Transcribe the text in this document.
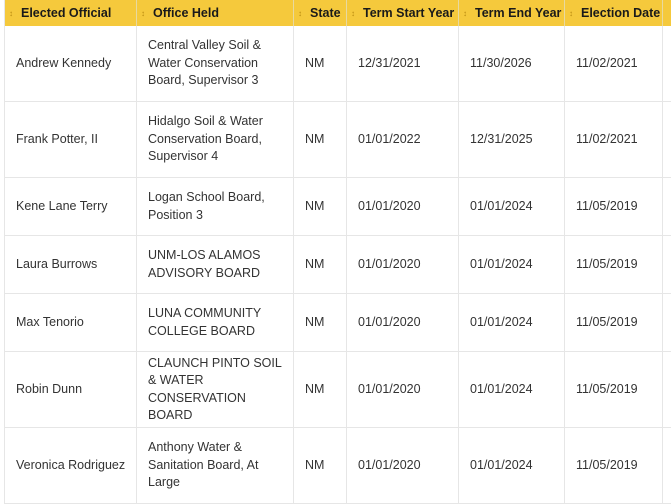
↕ Elected Official	↕ Office Held	↕ State	↕ Term Start Year	↕ Term End Year	↕ Election Date	
Andrew Kennedy	Central Valley Soil & Water Conservation Board, Supervisor 3	NM	12/31/2021	11/30/2026	11/02/2021	
Frank Potter, II	Hidalgo Soil & Water Conservation Board, Supervisor 4	NM	01/01/2022	12/31/2025	11/02/2021	
Kene Lane Terry	Logan School Board, Position 3	NM	01/01/2020	01/01/2024	11/05/2019	
Laura Burrows	UNM-LOS ALAMOS ADVISORY BOARD	NM	01/01/2020	01/01/2024	11/05/2019	
Max Tenorio	LUNA COMMUNITY COLLEGE BOARD	NM	01/01/2020	01/01/2024	11/05/2019	
Robin Dunn	CLAUNCH PINTO SOIL & WATER CONSERVATION BOARD	NM	01/01/2020	01/01/2024	11/05/2019	
Veronica Rodriguez	Anthony Water & Sanitation Board, At Large	NM	01/01/2020	01/01/2024	11/05/2019	
